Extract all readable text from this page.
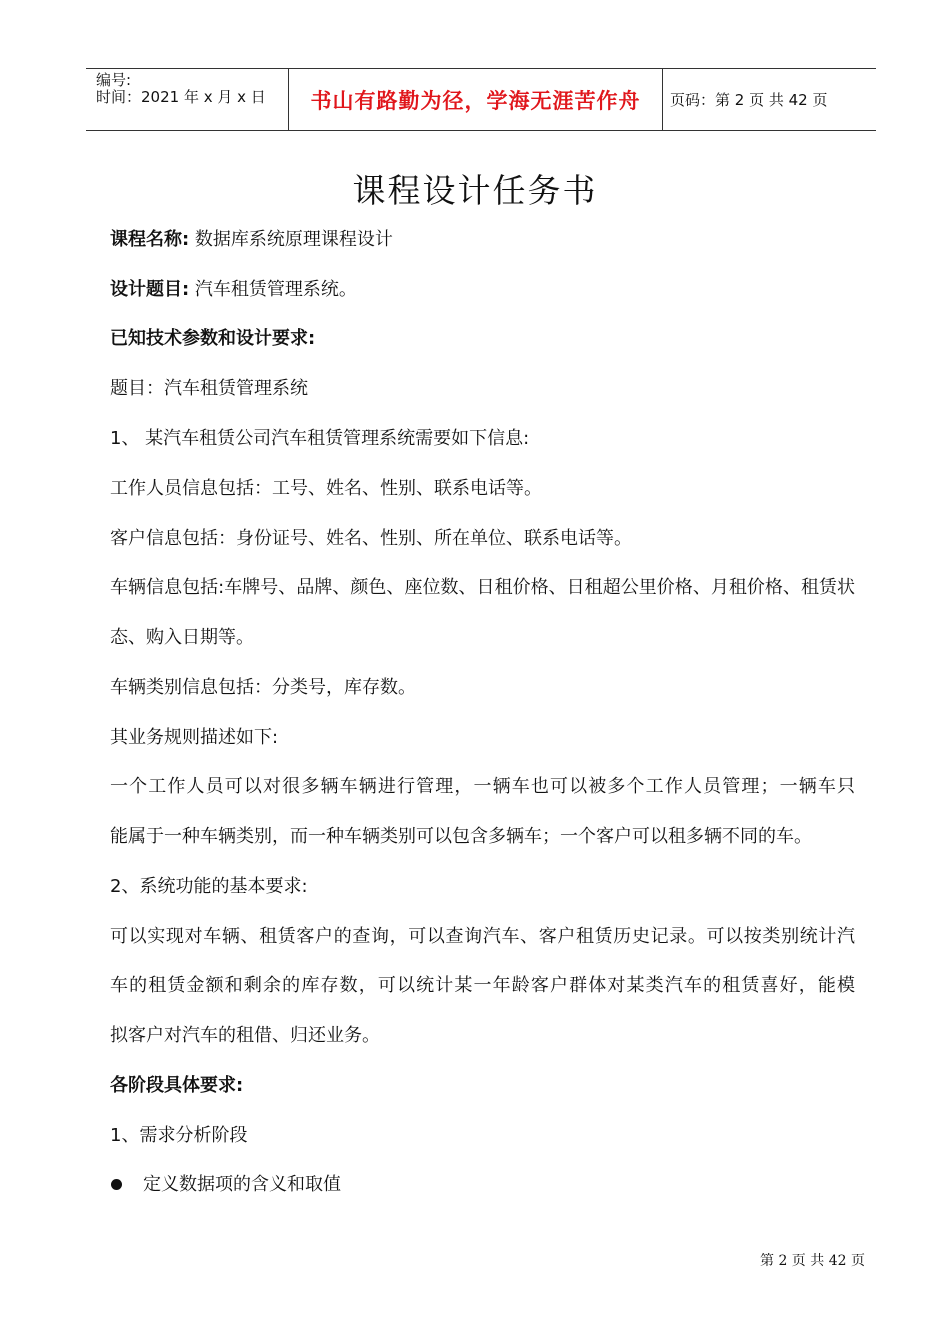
编号:
时间：2021 年 x 月 x 日 书山有路勤为径，学海无涯苦作舟	页码：第 2 页 共 42 页
课程设计任务书
课程名称: 数据库系统原理课程设计
设计题目: 汽车租赁管理系统。
已知技术参数和设计要求:
题目：汽车租赁管理系统
1、 某汽车租赁公司汽车租赁管理系统需要如下信息:
工作人员信息包括：工号、姓名、性别、联系电话等。
客户信息包括：身份证号、姓名、性别、所在单位、联系电话等。
车辆信息包括:车牌号、品牌、颜色、座位数、日租价格、日租超公里价格、月租价格、租赁状
态、购入日期等。
车辆类别信息包括：分类号，库存数。
其业务规则描述如下:
一个工作人员可以对很多辆车辆进行管理，一辆车也可以被多个工作人员管理；一辆车只
能属于一种车辆类别，而一种车辆类别可以包含多辆车；一个客户可以租多辆不同的车。
2、系统功能的基本要求:
可以实现对车辆、租赁客户的查询，可以查询汽车、客户租赁历史记录。可以按类别统计汽
车的租赁金额和剩余的库存数，可以统计某一年龄客户群体对某类汽车的租赁喜好，能模
拟客户对汽车的租借、归还业务。
各阶段具体要求:
1、需求分析阶段
定义数据项的含义和取值
第 2 页 共 42 页
